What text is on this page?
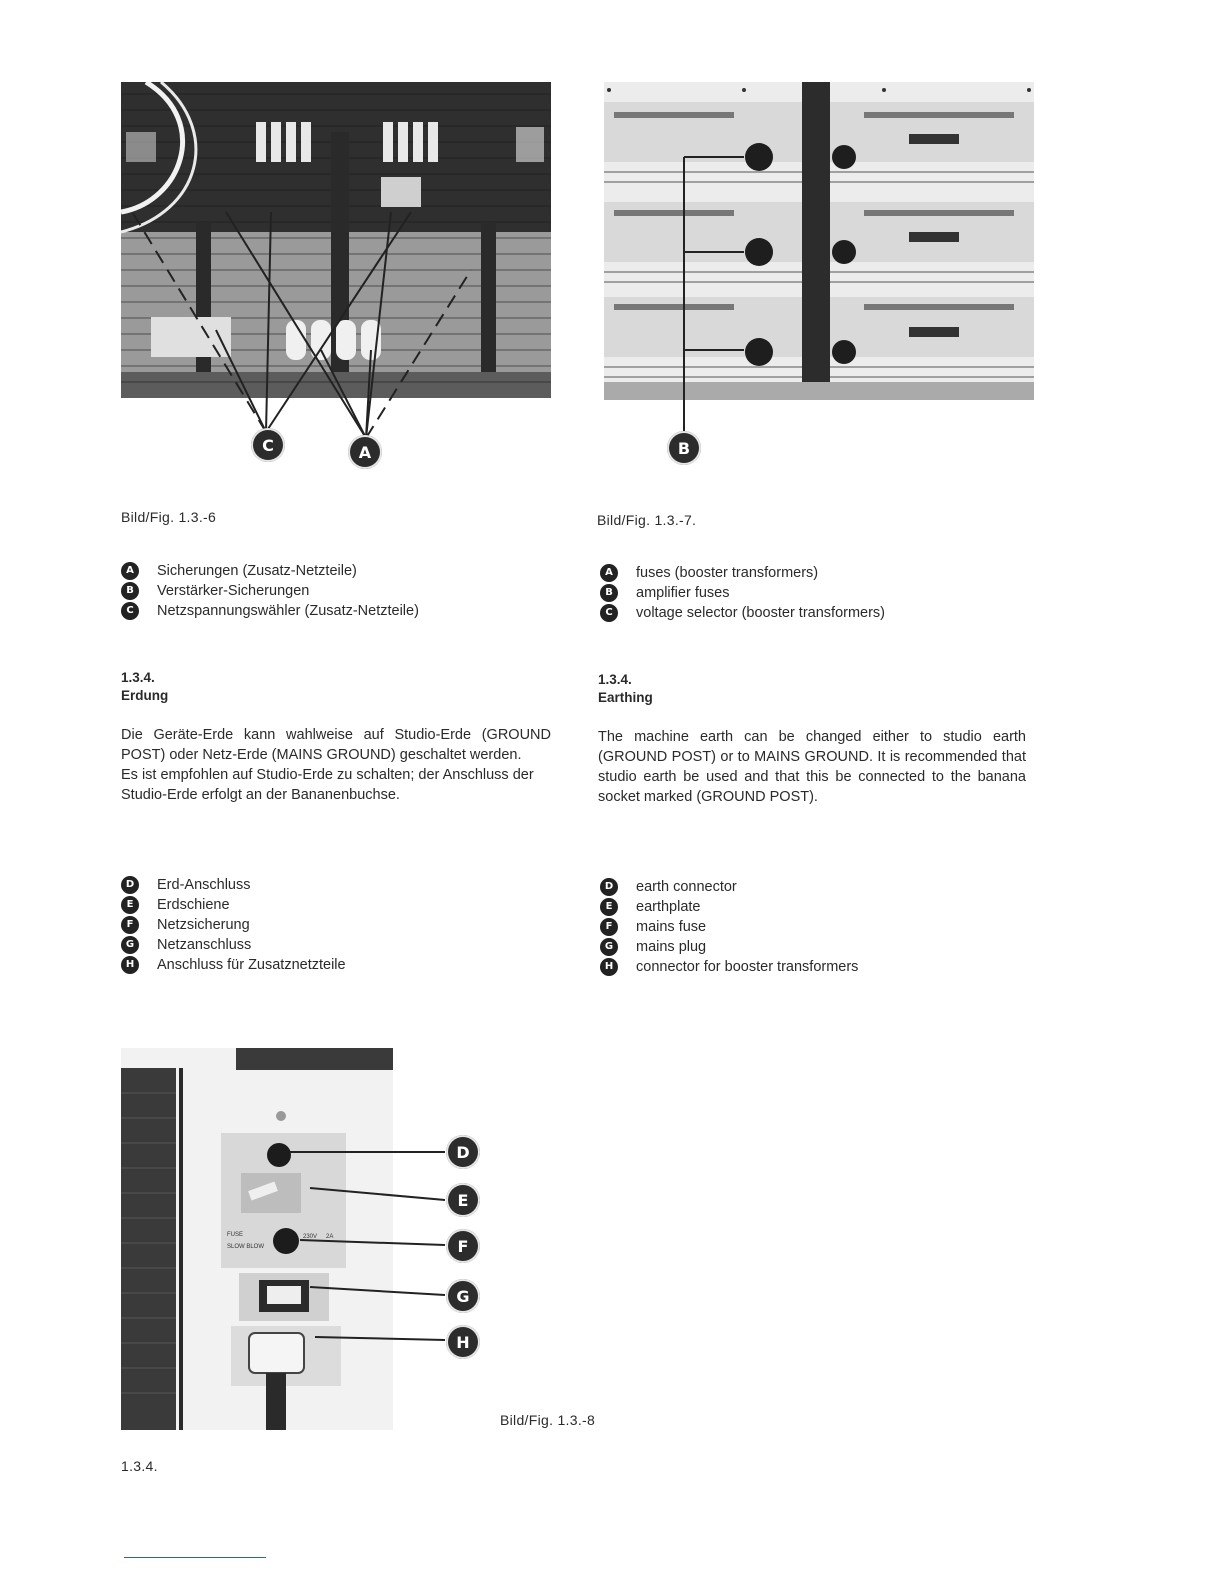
C	A	B
Bild/Fig. 1.3.-6	Bild/Fig. 1.3.-7.
A	Sicherungen (Zusatz-Netzteile)
B	Verstärker-Sicherungen
C	Netzspannungswähler (Zusatz-Netzteile)
A	fuses (booster transformers)
B	amplifier fuses
C	voltage selector (booster transformers)
1.3.4.
Erdung
Die Geräte-Erde kann wahlweise auf Studio-Erde (GROUND POST) oder Netz-Erde (MAINS GROUND) geschaltet werden.
Es ist empfohlen auf Studio-Erde zu schalten; der Anschluss der Studio-Erde erfolgt an der Bananenbuchse.
1.3.4.
Earthing
The machine earth can be changed either to studio earth (GROUND POST) or to MAINS GROUND. It is recommended that studio earth be used and that this be connected to the banana socket marked (GROUND POST).
D	Erd-Anschluss
E	Erdschiene
F	Netzsicherung
G	Netzanschluss
H	Anschluss für Zusatznetzteile
D	earth connector
E	earthplate
F	mains fuse
G	mains plug
H	connector for booster transformers
FUSE
SLOW BLOW
230V 2A
D
E
F
G
H
Bild/Fig. 1.3.-8
1.3.4.
